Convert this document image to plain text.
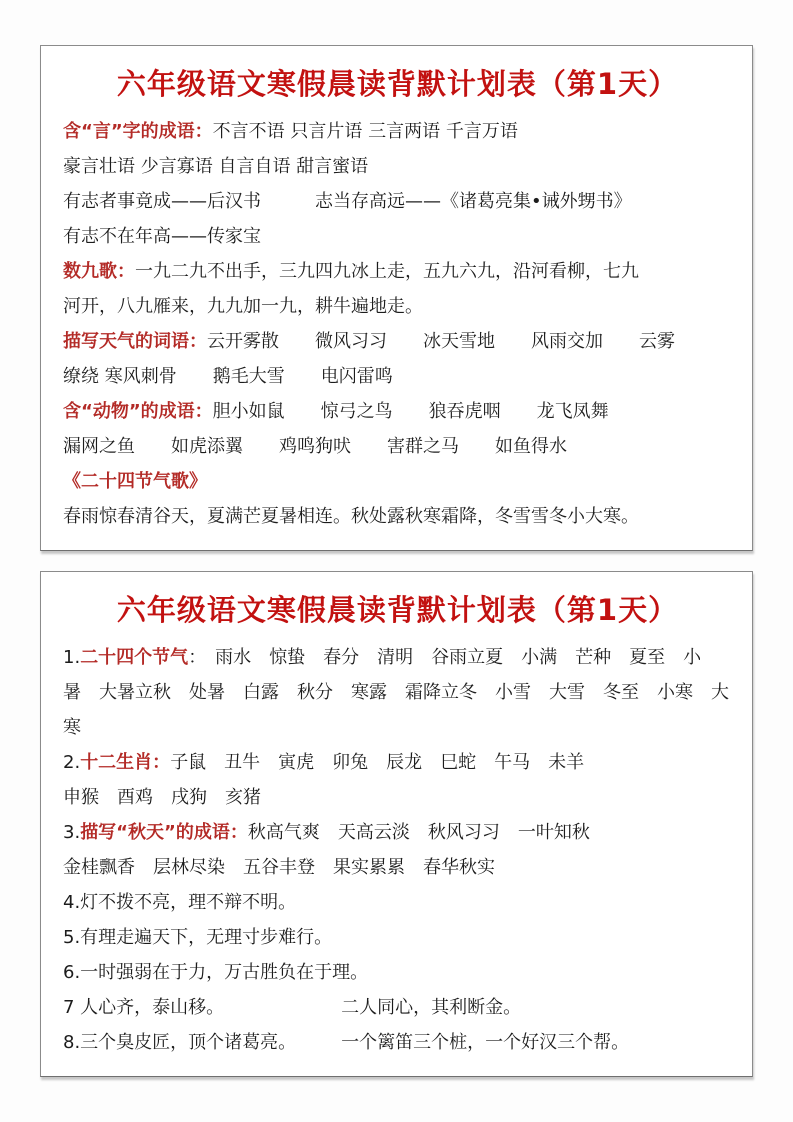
六年级语文寒假晨读背默计划表（第1天）
含“言”字的成语：不言不语 只言片语 三言两语 千言万语
豪言壮语 少言寡语 自言自语 甜言蜜语
有志者事竟成——后汉书　　　志当存高远——《诸葛亮集•诫外甥书》
有志不在年高——传家宝
数九歌：一九二九不出手，三九四九冰上走，五九六九，沿河看柳，七九
河开，八九雁来，九九加一九，耕牛遍地走。
描写天气的词语：云开雾散　　微风习习　　冰天雪地　　风雨交加　　云雾
缭绕 寒风刺骨　　鹅毛大雪　　电闪雷鸣
含“动物”的成语：胆小如鼠　　惊弓之鸟　　狼吞虎咽　　龙飞凤舞
漏网之鱼　　如虎添翼　　鸡鸣狗吠　　害群之马　　如鱼得水
《二十四节气歌》
春雨惊春清谷天，夏满芒夏暑相连。秋处露秋寒霜降，冬雪雪冬小大寒。
六年级语文寒假晨读背默计划表（第1天）
1.二十四个节气：　雨水　惊蛰　春分　清明　谷雨立夏　小满　芒种　夏至　小
暑　大暑立秋　处暑　白露　秋分　寒露　霜降立冬　小雪　大雪　冬至　小寒　大
寒
2.十二生肖：子鼠　丑牛　寅虎　卯兔　辰龙　巳蛇　午马　未羊
申猴　酉鸡　戌狗　亥猪
3.描写“秋天”的成语：秋高气爽　天高云淡　秋风习习　一叶知秋
金桂飘香　层林尽染　五谷丰登　果实累累　春华秋实
4.灯不拨不亮，理不辩不明。
5.有理走遍天下，无理寸步难行。
6.一时强弱在于力，万古胜负在于理。
7 人心齐，泰山移。　　　　　　　二人同心，其利断金。
8.三个臭皮匠，顶个诸葛亮。　　　一个篱笛三个桩，一个好汉三个帮。
